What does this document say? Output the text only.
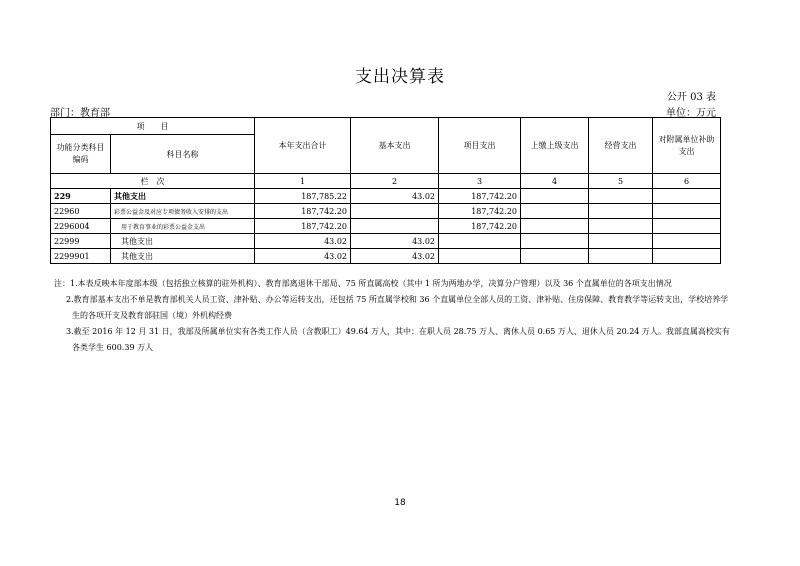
支出决算表
公开 03 表
部门：教育部	单位：万元
项　　目		本年支出合计	基本支出	项目支出	上缴上级支出	经营支出	对附属单位补助支出
功能分类科目编码	科目名称						
栏　次		1	2	3	4	5	6
229	其他支出	187,785.22	43.02	187,742.20			
22960	彩票公益金及对应专项债务收入安排的支出	187,742.20		187,742.20			
2296004	用于教育事业的彩票公益金支出	187,742.20		187,742.20			
22999	其他支出	43.02	43.02				
2299901	其他支出	43.02	43.02				
注：1.本表反映本年度部本级（包括独立核算的驻外机构）、教育部离退休干部局、75 所直属高校（其中 1 所为两地办学，决算分户管理）以及 36 个直属单位的各项支出情况
2.教育部基本支出不单是教育部机关人员工资、津补贴、办公等运转支出，还包括 75 所直属学校和 36 个直属单位全部人员的工资、津补贴、住房保障、教育教学等运转支出，学校培养学生的各项开支及教育部驻国（境）外机构经费
3.截至 2016 年 12 月 31 日，我部及所属单位实有各类工作人员（含教职工）49.64 万人，其中：在职人员 28.75 万人、离休人员 0.65 万人、退休人员 20.24 万人。我部直属高校实有各类学生 600.39 万人
18
